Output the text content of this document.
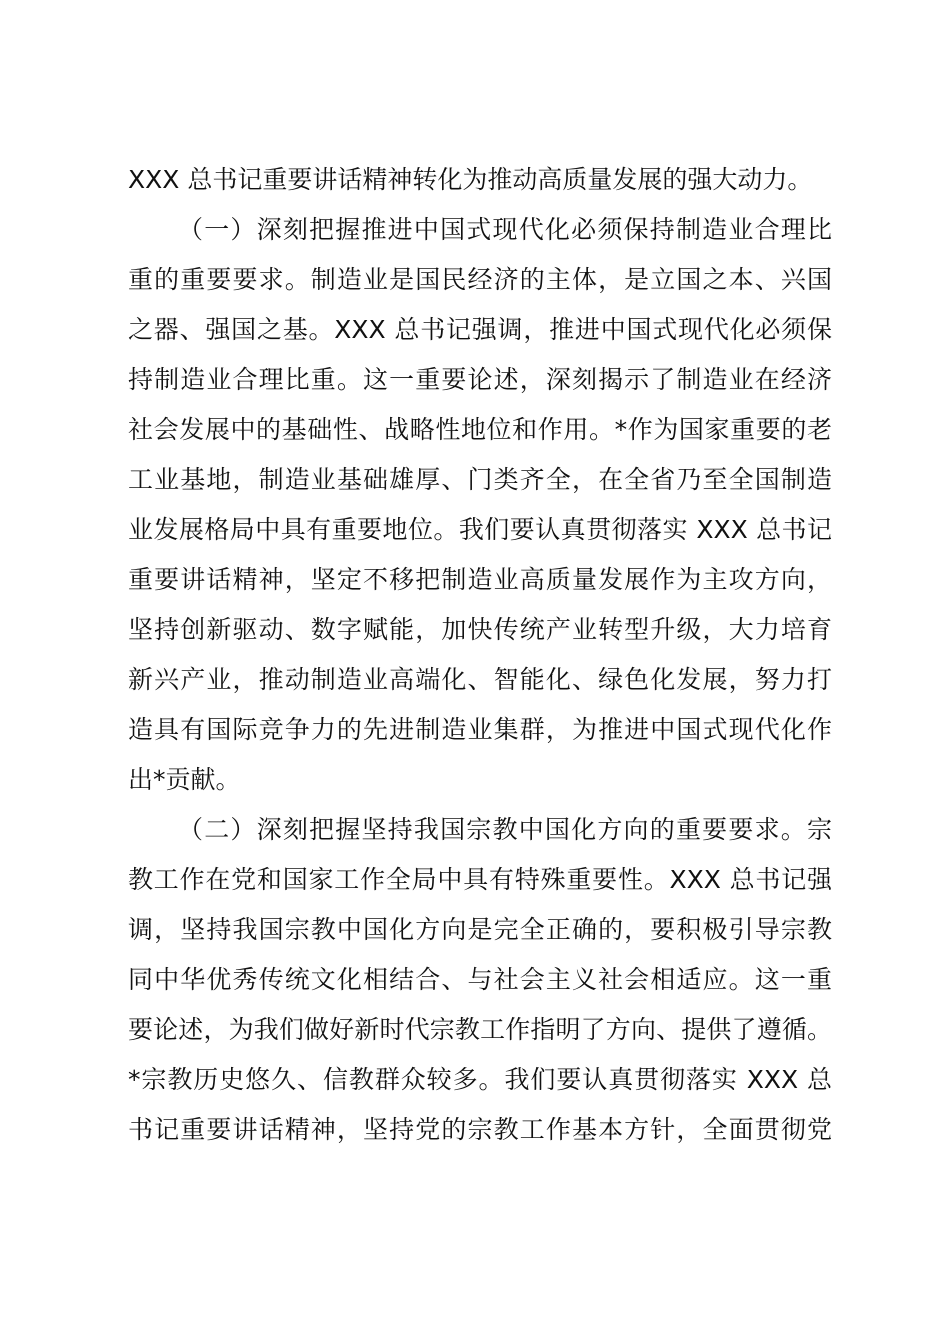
XXX 总书记重要讲话精神转化为推动高质量发展的强大动力。
（一）深刻把握推进中国式现代化必须保持制造业合理比
重的重要要求。制造业是国民经济的主体，是立国之本、兴国
之器、强国之基。XXX 总书记强调，推进中国式现代化必须保
持制造业合理比重。这一重要论述，深刻揭示了制造业在经济
社会发展中的基础性、战略性地位和作用。*作为国家重要的老
工业基地，制造业基础雄厚、门类齐全，在全省乃至全国制造
业发展格局中具有重要地位。我们要认真贯彻落实 XXX 总书记
重要讲话精神，坚定不移把制造业高质量发展作为主攻方向，
坚持创新驱动、数字赋能，加快传统产业转型升级，大力培育
新兴产业，推动制造业高端化、智能化、绿色化发展，努力打
造具有国际竞争力的先进制造业集群，为推进中国式现代化作
出*贡献。
（二）深刻把握坚持我国宗教中国化方向的重要要求。宗
教工作在党和国家工作全局中具有特殊重要性。XXX 总书记强
调，坚持我国宗教中国化方向是完全正确的，要积极引导宗教
同中华优秀传统文化相结合、与社会主义社会相适应。这一重
要论述，为我们做好新时代宗教工作指明了方向、提供了遵循。
*宗教历史悠久、信教群众较多。我们要认真贯彻落实 XXX 总
书记重要讲话精神，坚持党的宗教工作基本方针，全面贯彻党
